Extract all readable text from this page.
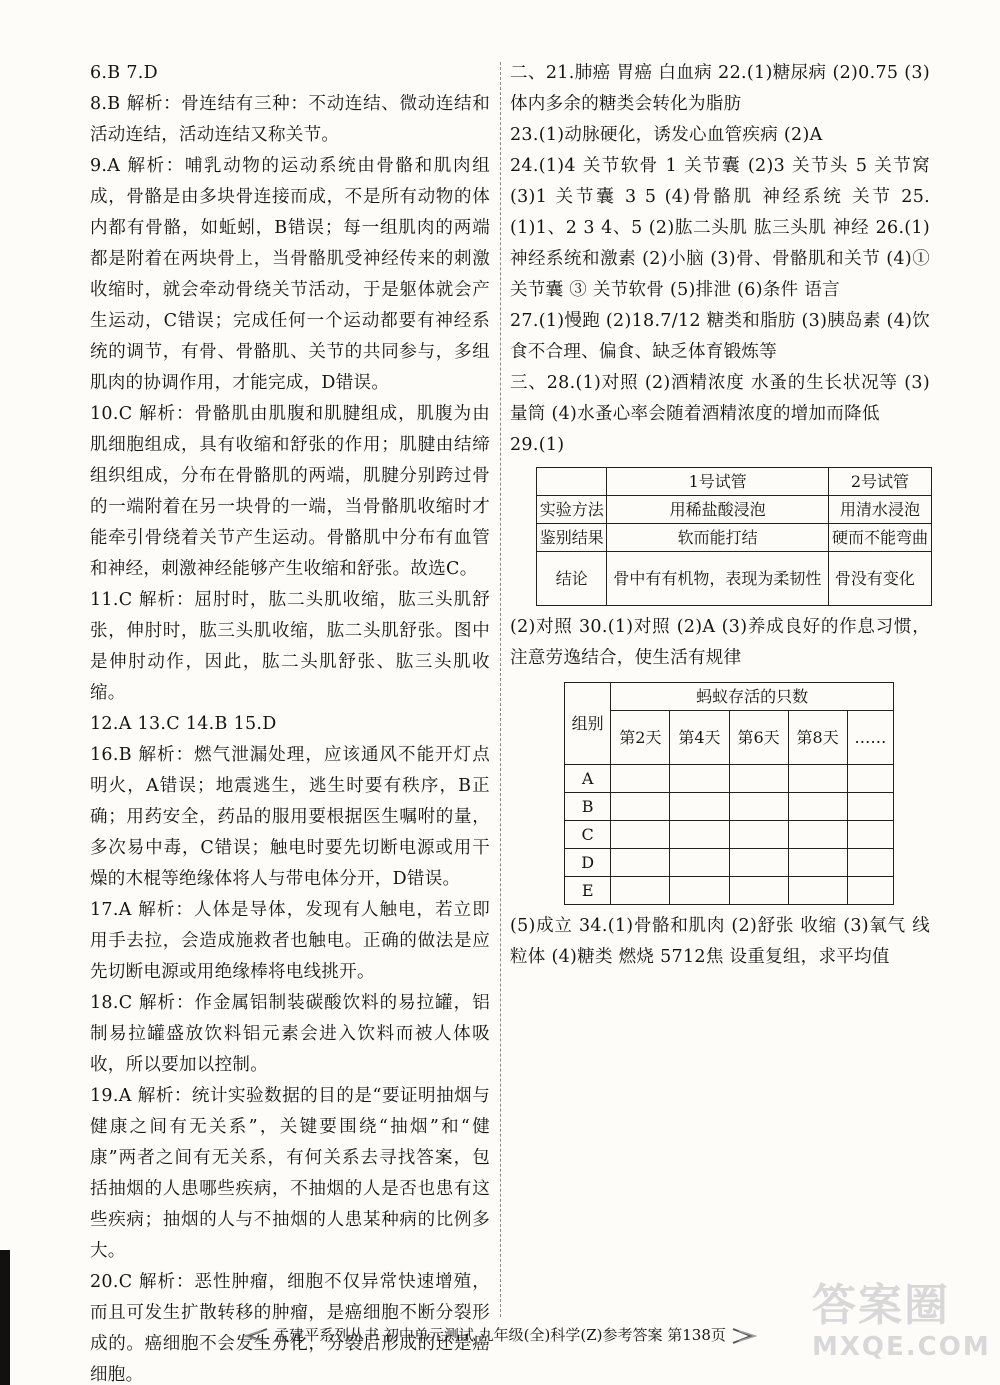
6.B 7.D

8.B 解析：骨连结有三种：不动连结、微动连结和活动连结，活动连结又称关节。

9.A 解析：哺乳动物的运动系统由骨骼和肌肉组成，骨骼是由多块骨连接而成，不是所有动物的体内都有骨骼，如蚯蚓，B错误；每一组肌肉的两端都是附着在两块骨上，当骨骼肌受神经传来的刺激收缩时，就会牵动骨绕关节活动，于是躯体就会产生运动，C错误；完成任何一个运动都要有神经系统的调节，有骨、骨骼肌、关节的共同参与，多组肌肉的协调作用，才能完成，D错误。

10.C 解析：骨骼肌由肌腹和肌腱组成，肌腹为由肌细胞组成，具有收缩和舒张的作用；肌腱由结缔组织组成，分布在骨骼肌的两端，肌腱分别跨过骨的一端附着在另一块骨的一端，当骨骼肌收缩时才能牵引骨绕着关节产生运动。骨骼肌中分布有血管和神经，刺激神经能够产生收缩和舒张。故选C。

11.C 解析：屈肘时，肱二头肌收缩，肱三头肌舒张，伸肘时，肱三头肌收缩，肱二头肌舒张。图中是伸肘动作，因此，肱二头肌舒张、肱三头肌收缩。

12.A 13.C 14.B 15.D

16.B 解析：燃气泄漏处理，应该通风不能开灯点明火，A错误；地震逃生，逃生时要有秩序，B正确；用药安全，药品的服用要根据医生嘱咐的量，多次易中毒，C错误；触电时要先切断电源或用干燥的木棍等绝缘体将人与带电体分开，D错误。

17.A 解析：人体是导体，发现有人触电，若立即用手去拉，会造成施救者也触电。正确的做法是应先切断电源或用绝缘棒将电线挑开。

18.C 解析：作金属铝制装碳酸饮料的易拉罐，铝制易拉罐盛放饮料铝元素会进入饮料而被人体吸收，所以要加以控制。

19.A 解析：统计实验数据的目的是“要证明抽烟与健康之间有无关系”，关键要围绕“抽烟”和“健康”两者之间有无关系，有何关系去寻找答案，包括抽烟的人患哪些疾病，不抽烟的人是否也患有这些疾病；抽烟的人与不抽烟的人患某种病的比例多大。

20.C 解析：恶性肿瘤，细胞不仅异常快速增殖，而且可发生扩散转移的肿瘤，是癌细胞不断分裂形成的。癌细胞不会发生分化，分裂后形成的还是癌细胞。

二、21.肺癌 胃癌 白血病 22.(1)糖尿病 (2)0.75 (3)体内多余的糖类会转化为脂肪

23.(1)动脉硬化，诱发心血管疾病 (2)A

24.(1)4 关节软骨 1 关节囊 (2)3 关节头 5 关节窝 (3)1 关节囊 3 5 (4)骨骼肌 神经系统 关节 25.(1)1、2 3 4、5 (2)肱二头肌 肱三头肌 神经 26.(1)神经系统和激素 (2)小脑 (3)骨、骨骼肌和关节 (4)① 关节囊 ③ 关节软骨 (5)排泄 (6)条件 语言

27.(1)慢跑 (2)18.7/12 糖类和脂肪 (3)胰岛素 (4)饮食不合理、偏食、缺乏体育锻炼等

三、28.(1)对照 (2)酒精浓度 水蚤的生长状况等 (3)量筒 (4)水蚤心率会随着酒精浓度的增加而降低

29.(1)

	1号试管	2号试管
实验方法	用稀盐酸浸泡	用清水浸泡
鉴别结果	软而能打结	硬而不能弯曲
结论	骨中有有机物，表现为柔韧性	骨没有变化

(2)对照 30.(1)对照 (2)A (3)养成良好的作息习惯，注意劳逸结合，使生活有规律

组别	蚂蚁存活的只数				
	第2天	第4天	第6天	第8天	……
A					
B					
C					
D					
E					

(5)成立 34.(1)骨骼和肌肉 (2)舒张 收缩 (3)氧气 线粒体 (4)糖类 燃烧 5712焦 设重复组，求平均值

孟建平系列丛书 初中单元测试 九年级(全)科学(Z)参考答案 第138页
答案圈
MXQE.COM
